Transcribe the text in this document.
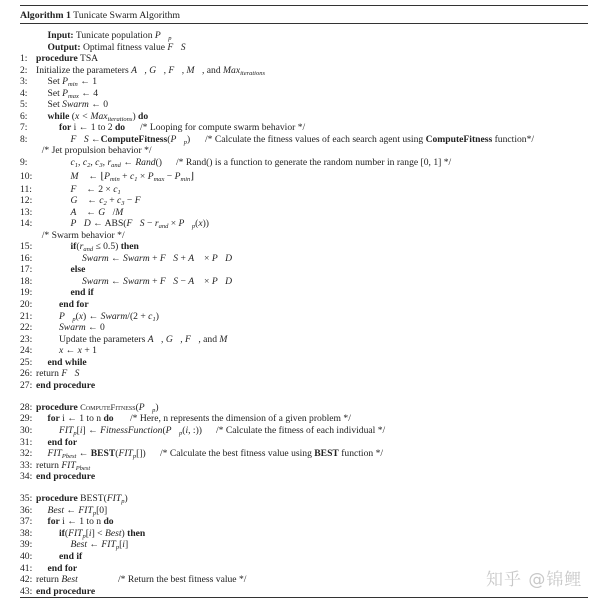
Algorithm 1 Tunicate Swarm Algorithm
Input: Tunicate population $P⃗_p$
Output: Optimal fitness value F⃗S
1: procedure TSA
2: Initialize the parameters A⃗, G⃗, F⃗, M⃗, and Max$_{iterations}$
3: Set $P_{min}$ ← 1
4: Set $P_{max}$ ← 4
5: Set Swarm ← 0
6: while (x < Max$_{iterations}$) do
7:	for i ← 1 to 2 do /* Looping for compute swarm behavior */
8:	F⃗S $\leftarrow ComputeFitness(P⃗_p)$ /* Calculate the fitness values of each search agent using ComputeFitness function*/
/* Jet propulsion behavior */
9:	$c_1$, $c_2$, $c_3$, $r_{and}$ ← Rand() /* Rand() is a function to generate the random number in range [0, 1] */
10:	M⃗ ← $⌊P_{min} + c_1 \times P_{max}$ − $P_{min}⌋$
11:	F⃗ ← $2 \times c_1$
12:	G⃗ ← $c_2 + c_3$ − F⃗
13:	A⃗ ← G⃗/M⃗
14:	P⃗D ← ABS(F⃗S − $r_{and}$ × $P⃗_p(x)$)
/* Swarm behavior */
15:	$if(r_{and} \le 0.5)$ then
16:	Swarm ← Swarm + F⃗S + A⃗ × P⃗D
17:	else
18:	Swarm ← Swarm + F⃗S − A⃗ × P⃗D
19:	end if
20:	end for
21:	$P⃗_p(x)$ ← Swarm/(2 + $c_1$)
22:	Swarm ← 0
23:	Update the parameters A⃗, G⃗, F⃗, and M⃗
24:	x ← x + 1
25: end while
26: return F⃗S
27: end procedure
28: procedure $ComputeFitness(P⃗_p)$
29: for i ← 1 to n do /* Here, n represents the dimension of a given problem */
30:	$FIT_p[i]$ ← $FitnessFunction(P⃗_p(i$, :)) /* Calculate the fitness of each individual */
31: end for
32: $FIT_{Pbest}$ ← $BEST(FIT_p[])$ /* Calculate the best fitness value using BEST function */
33: return $FIT_{Pbest}$
34: end procedure
35: procedure $BEST(FIT_p)$
36: Best ← $FIT_p[0]$
37: for i ← 1 to n do
38:	$if(FIT_p[i]$ < Best) then
39:	Best ← $FIT_p[i]$
40:	end if
41: end for
42: return Best	/* Return the best fitness value */
43: end procedure
知乎 @锦鲤
